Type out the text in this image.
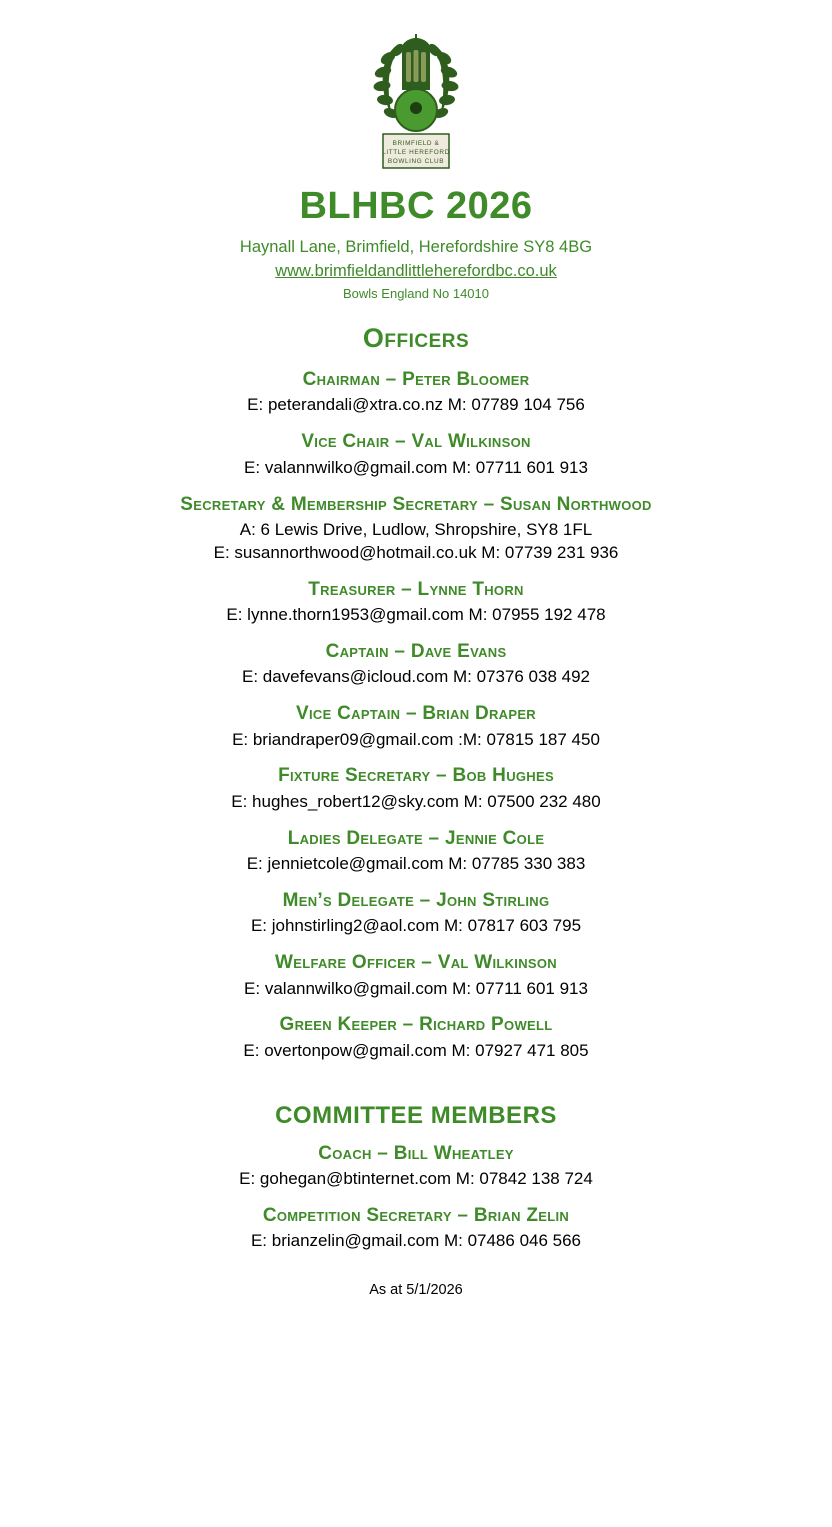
BRIMFIELD &
LITTLE HEREFORD
BOWLING CLUB
BLHBC 2026
Haynall Lane, Brimfield, Herefordshire SY8 4BG
www.brimfieldandlittleherefordbc.co.uk
Bowls England No 14010
Officers
Chairman – Peter Bloomer
E: peterandali@xtra.co.nz M: 07789 104 756
Vice Chair – Val Wilkinson
E: valannwilko@gmail.com M: 07711 601 913
Secretary & Membership Secretary – Susan Northwood
A: 6 Lewis Drive, Ludlow, Shropshire, SY8 1FL
E: susannorthwood@hotmail.co.uk M: 07739 231 936
Treasurer – Lynne Thorn
E: lynne.thorn1953@gmail.com M: 07955 192 478
Captain – Dave Evans
E: davefevans@icloud.com M: 07376 038 492
Vice Captain – Brian Draper
E: briandraper09@gmail.com :M: 07815 187 450
Fixture Secretary – Bob Hughes
E: hughes_robert12@sky.com M: 07500 232 480
Ladies Delegate – Jennie Cole
E: jennietcole@gmail.com M: 07785 330 383
Men’s Delegate – John Stirling
E: johnstirling2@aol.com M: 07817 603 795
Welfare Officer – Val Wilkinson
E: valannwilko@gmail.com M: 07711 601 913
Green Keeper – Richard Powell
E: overtonpow@gmail.com M: 07927 471 805
COMMITTEE MEMBERS
Coach – Bill Wheatley
E: gohegan@btinternet.com M: 07842 138 724
Competition Secretary – Brian Zelin
E: brianzelin@gmail.com M: 07486 046 566
As at 5/1/2026
